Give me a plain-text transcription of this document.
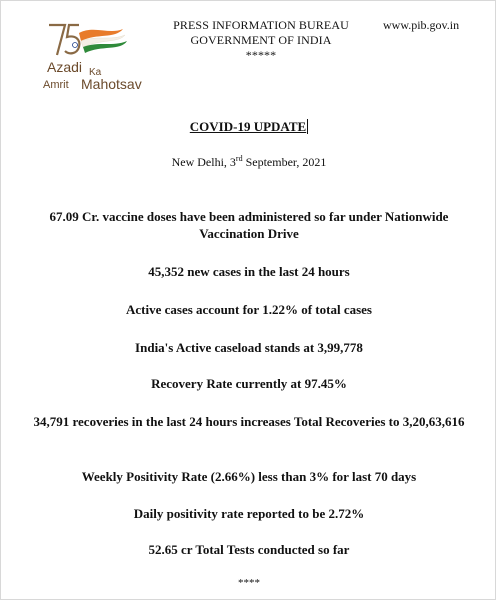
Azadi Ka
Amrit Mahotsav
PRESS INFORMATION BUREAU
GOVERNMENT OF INDIA
*****
www.pib.gov.in
COVID-19 UPDATE
New Delhi, 3rd September, 2021
67.09 Cr. vaccine doses have been administered so far under Nationwide Vaccination Drive
45,352 new cases in the last 24 hours
Active cases account for 1.22% of total cases
India's Active caseload stands at 3,99,778
Recovery Rate currently at 97.45%
34,791 recoveries in the last 24 hours increases Total Recoveries to 3,20,63,616
Weekly Positivity Rate (2.66%) less than 3% for last 70 days
Daily positivity rate reported to be 2.72%
52.65 cr Total Tests conducted so far
****
